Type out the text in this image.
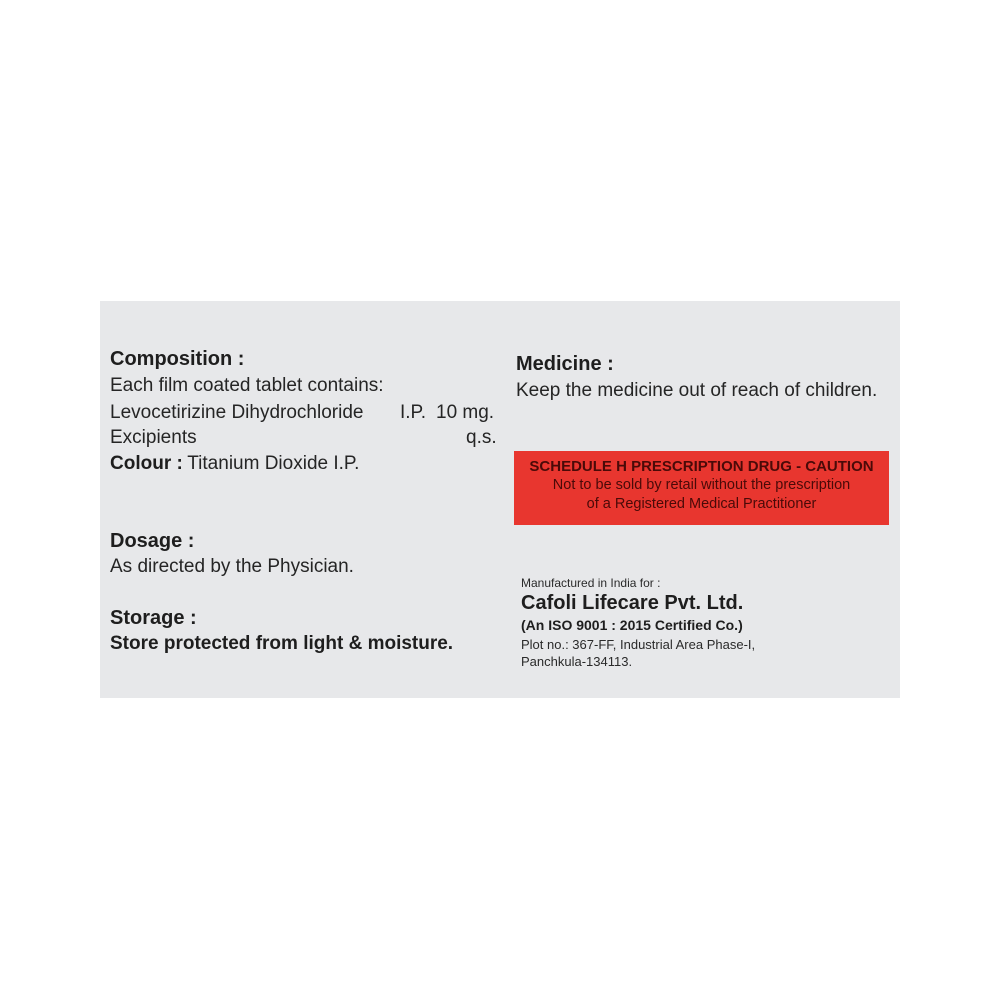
Composition :
Each film coated tablet contains:
Levocetirizine Dihydrochloride I.P. 10 mg.
Excipients	q.s.
Colour : Titanium Dioxide I.P.
Dosage :
As directed by the Physician.
Storage :
Store protected from light & moisture.
Medicine :
Keep the medicine out of reach of children.
SCHEDULE H PRESCRIPTION DRUG - CAUTION
Not to be sold by retail without the prescription
of a Registered Medical Practitioner
Manufactured in India for :
Cafoli Lifecare Pvt. Ltd.
(An ISO 9001 : 2015 Certified Co.)
Plot no.: 367-FF, Industrial Area Phase-I,
Panchkula-134113.
